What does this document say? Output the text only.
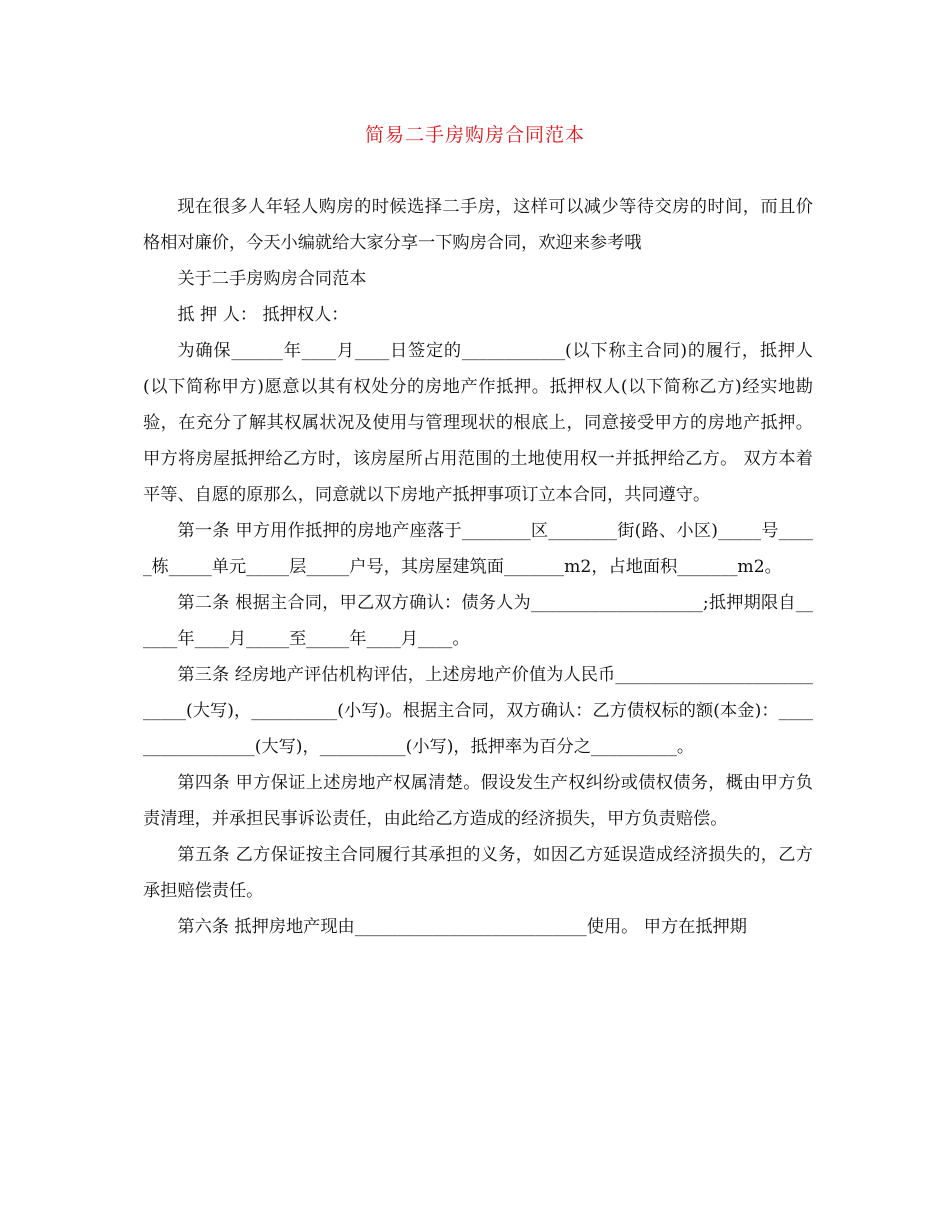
简易二手房购房合同范本

现在很多人年轻人购房的时候选择二手房，这样可以减少等待交房的时间，而且价格相对廉价，今天小编就给大家分享一下购房合同，欢迎来参考哦

关于二手房购房合同范本

抵 押 人： 抵押权人：

为确保______年____月____日签定的____________(以下称主合同)的履行，抵押人(以下简称甲方)愿意以其有权处分的房地产作抵押。抵押权人(以下简称乙方)经实地勘验，在充分了解其权属状况及使用与管理现状的根底上，同意接受甲方的房地产抵押。甲方将房屋抵押给乙方时，该房屋所占用范围的土地使用权一并抵押给乙方。 双方本着平等、自愿的原那么，同意就以下房地产抵押事项订立本合同，共同遵守。

第一条 甲方用作抵押的房地产座落于________区________街(路、小区)_____号_____栋_____单元_____层_____户号，其房屋建筑面_______m2，占地面积_______m2。

第二条 根据主合同，甲乙双方确认：债务人为____________________;抵押期限自______年____月_____至_____年____月____。

第三条 经房地产评估机构评估，上述房地产价值为人民币____________________________(大写)，__________(小写)。根据主合同，双方确认：乙方债权标的额(本金)：_________________(大写)，__________(小写)，抵押率为百分之__________。

第四条 甲方保证上述房地产权属清楚。假设发生产权纠纷或债权债务，概由甲方负责清理，并承担民事诉讼责任，由此给乙方造成的经济损失，甲方负责赔偿。

第五条 乙方保证按主合同履行其承担的义务，如因乙方延误造成经济损失的，乙方承担赔偿责任。

第六条 抵押房地产现由___________________________使用。 甲方在抵押期
